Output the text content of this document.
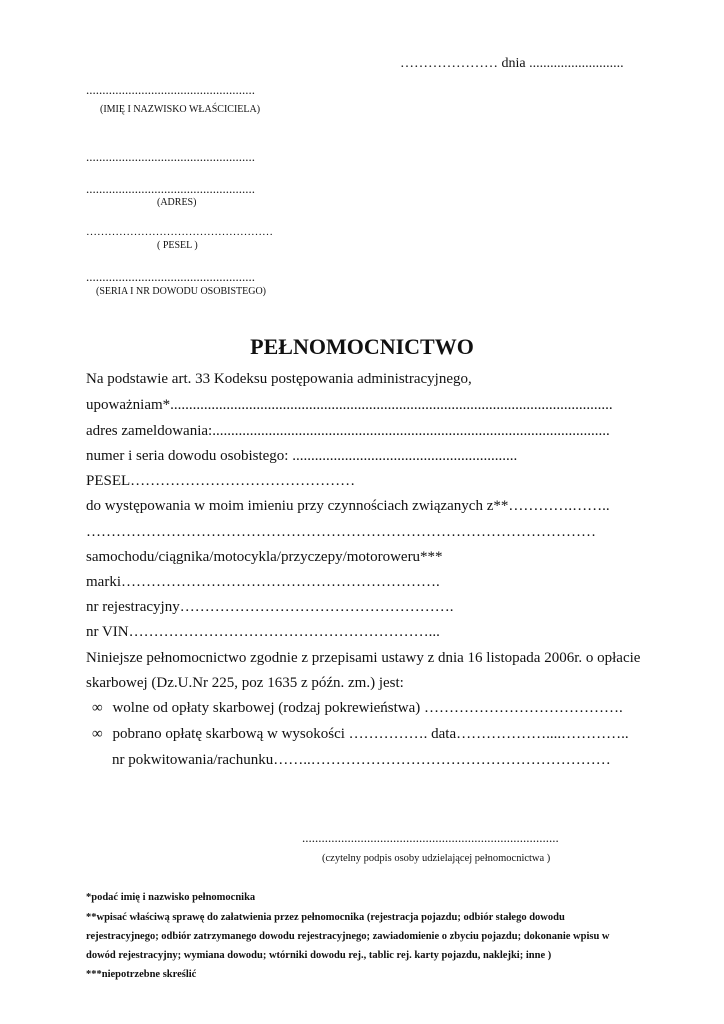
………………… dnia ...........................
....................................................
(IMIĘ I NAZWISKO WŁAŚCICIELA)
....................................................
....................................................
(ADRES)
……………………………………………
( PESEL )
....................................................
(SERIA I NR DOWODU OSOBISTEGO)
PEŁNOMOCNICTWO
Na podstawie art. 33 Kodeksu postępowania administracyjnego,
upoważniam*......................................................................................................................
adres zameldowania:..........................................................................................................
numer i seria dowodu osobistego: ............................................................
PESEL………………………………………
do występowania w moim imieniu przy czynnościach związanych z**………….……..
…………………………………………………………………………………………
samochodu/ciągnika/motocykla/przyczepy/motoroweru***
marki……………………………………………………….
nr rejestracyjny……………………………………………….
nr VIN……………………………………………………...
Niniejsze pełnomocnictwo zgodnie z przepisami ustawy z dnia 16 listopada 2006r. o opłacie
skarbowej (Dz.U.Nr 225, poz 1635 z późn. zm.) jest:
∞ wolne od opłaty skarbowej (rodzaj pokrewieństwa) ………………………………….
∞ pobrano opłatę skarbową w wysokości ……………. data………………....…………..
nr pokwitowania/rachunku……..……………………………………………………
...............................................................................
(czytelny podpis osoby udzielającej pełnomocnictwa )
*podać imię i nazwisko pełnomocnika
**wpisać właściwą sprawę do załatwienia przez pełnomocnika (rejestracja pojazdu; odbiór stałego dowodu
rejestracyjnego; odbiór zatrzymanego dowodu rejestracyjnego; zawiadomienie o zbyciu pojazdu; dokonanie wpisu w
dowód rejestracyjny; wymiana dowodu; wtórniki dowodu rej., tablic rej. karty pojazdu, naklejki; inne )
***niepotrzebne skreślić
